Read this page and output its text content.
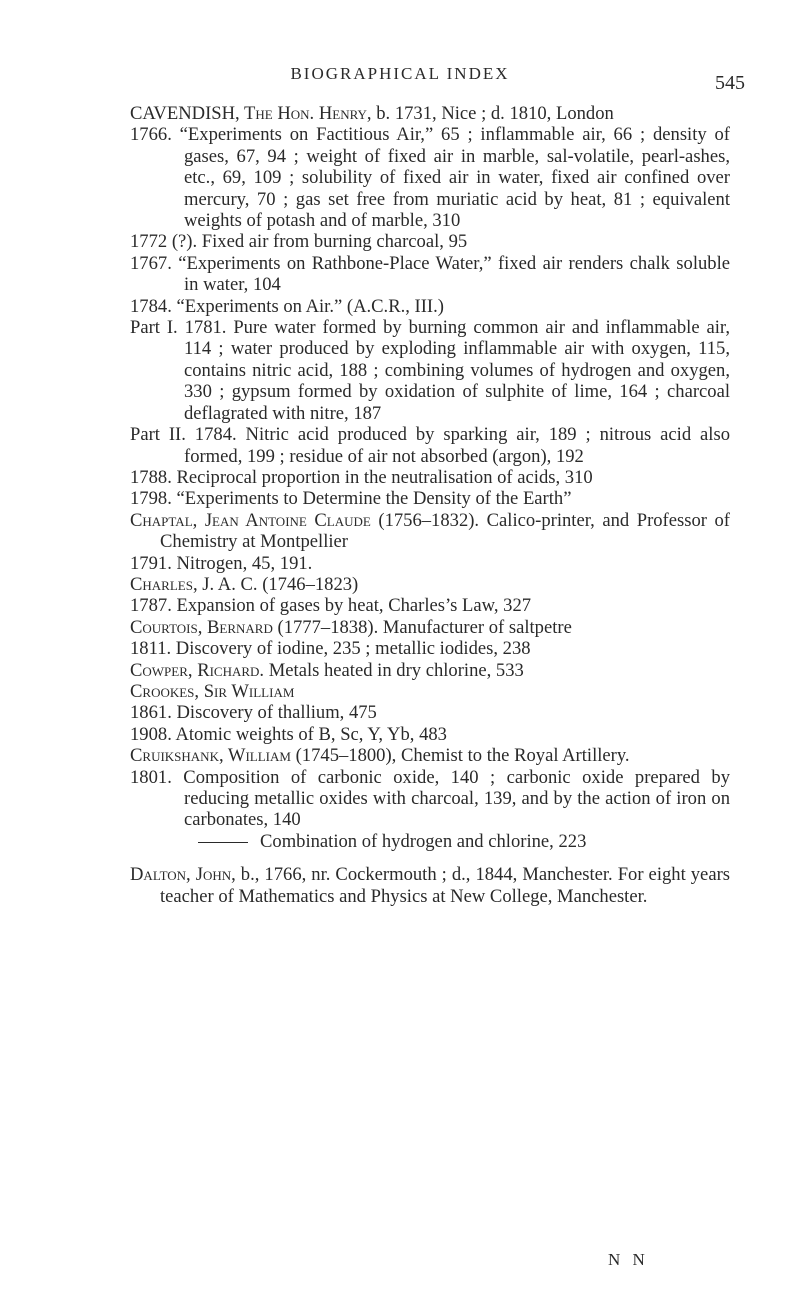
BIOGRAPHICAL INDEX	545

CAVENDISH, The Hon. Henry, b. 1731, Nice ; d. 1810, London

1766. “Experiments on Factitious Air,” 65 ; inflammable air, 66 ; density of gases, 67, 94 ; weight of fixed air in marble, sal-volatile, pearl-ashes, etc., 69, 109 ; solubility of fixed air in water, fixed air confined over mercury, 70 ; gas set free from muriatic acid by heat, 81 ; equivalent weights of potash and of marble, 310

1772 (?). Fixed air from burning charcoal, 95

1767. “Experiments on Rathbone-Place Water,” fixed air renders chalk soluble in water, 104

1784. “Experiments on Air.” (A.C.R., III.)

Part I. 1781. Pure water formed by burning common air and inflammable air, 114 ; water produced by exploding inflammable air with oxygen, 115, contains nitric acid, 188 ; combining volumes of hydrogen and oxygen, 330 ; gypsum formed by oxidation of sulphite of lime, 164 ; charcoal deflagrated with nitre, 187

Part II. 1784. Nitric acid produced by sparking air, 189 ; nitrous acid also formed, 199 ; residue of air not absorbed (argon), 192

1788. Reciprocal proportion in the neutralisation of acids, 310

1798. “Experiments to Determine the Density of the Earth”

Chaptal, Jean Antoine Claude (1756–1832). Calico-printer, and Professor of Chemistry at Montpellier

1791. Nitrogen, 45, 191.

Charles, J. A. C. (1746–1823)

1787. Expansion of gases by heat, Charles’s Law, 327

Courtois, Bernard (1777–1838). Manufacturer of saltpetre

1811. Discovery of iodine, 235 ; metallic iodides, 238

Cowper, Richard. Metals heated in dry chlorine, 533

Crookes, Sir William

1861. Discovery of thallium, 475

1908. Atomic weights of B, Sc, Y, Yb, 483

Cruikshank, William (1745–1800), Chemist to the Royal Artillery.

1801. Composition of carbonic oxide, 140 ; carbonic oxide prepared by reducing metallic oxides with charcoal, 139, and by the action of iron on carbonates, 140

Combination of hydrogen and chlorine, 223

Dalton, John, b., 1766, nr. Cockermouth ; d., 1844, Manchester. For eight years teacher of Mathematics and Physics at New College, Manchester.

N N
